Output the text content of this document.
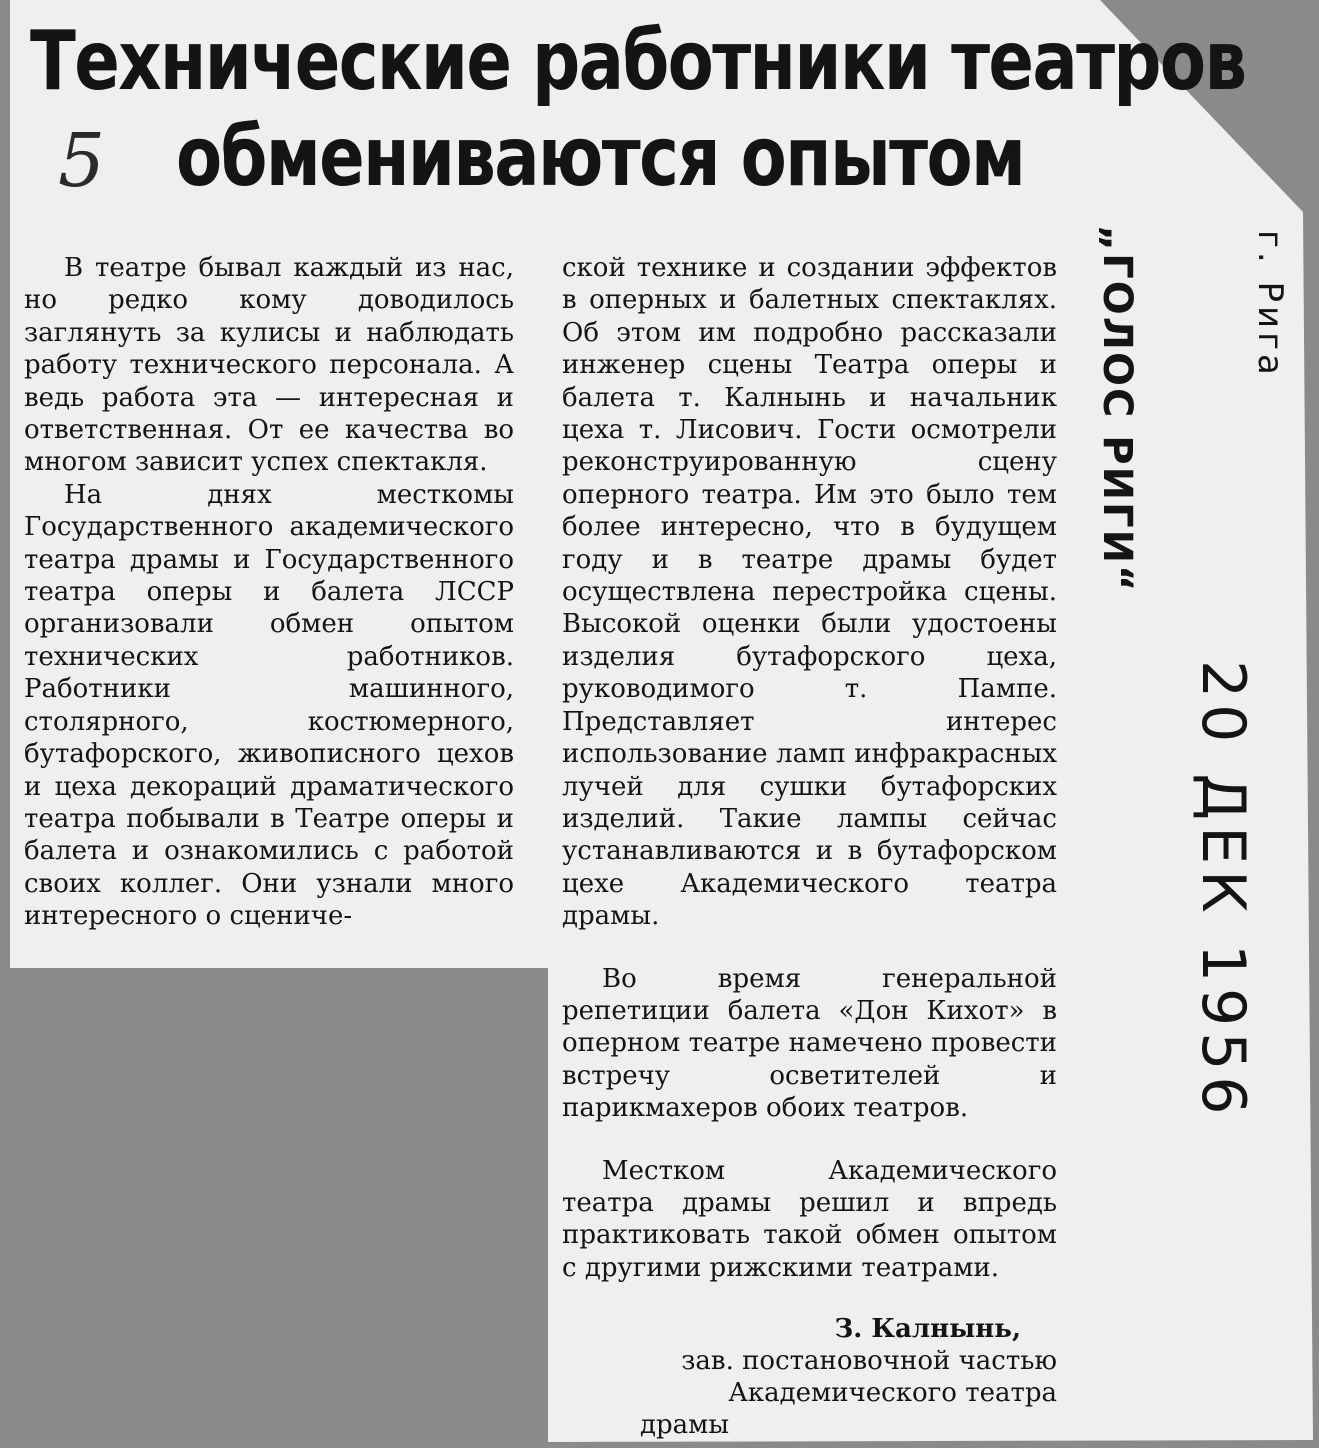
Технические работники театров
обмениваются опытом
5

В театре бывал каждый из нас, но редко кому доводилось заглянуть за кулисы и наблюдать работу технического персонала. А ведь работа эта — интересная и ответственная. От ее качества во многом зависит успех спектакля.

На днях месткомы Государственного академического театра драмы и Государственного театра оперы и балета ЛССР организовали обмен опытом технических работников. Работники машинного, столярного, костюмерного, бутафорского, живописного цехов и цеха декораций драматического театра побывали в Театре оперы и балета и ознакомились с работой своих коллег. Они узнали много интересного о сцениче-

ской технике и создании эффектов в оперных и балетных спектаклях. Об этом им подробно рассказали инженер сцены Театра оперы и балета т. Калнынь и начальник цеха т. Лисович. Гости осмотрели реконструированную сцену оперного театра. Им это было тем более интересно, что в будущем году и в театре драмы будет осуществлена перестройка сцены. Высокой оценки были удостоены изделия бутафорского цеха, руководимого т. Пампе. Представляет интерес использование ламп инфракрасных лучей для сушки бутафорских изделий. Такие лампы сейчас устанавливаются и в бутафорском цехе Академического театра драмы.

Во время генеральной репетиции балета «Дон Кихот» в оперном театре намечено провести встречу осветителей и парикмахеров обоих театров.

Местком Академического театра драмы решил и впредь практиковать такой обмен опытом с другими рижскими театрами.

З. Калнынь,
зав. постановочной частью
Академического театра
драмы
„ГОЛОС РИГИ“	г. Рига
20 ДЕК 1956
